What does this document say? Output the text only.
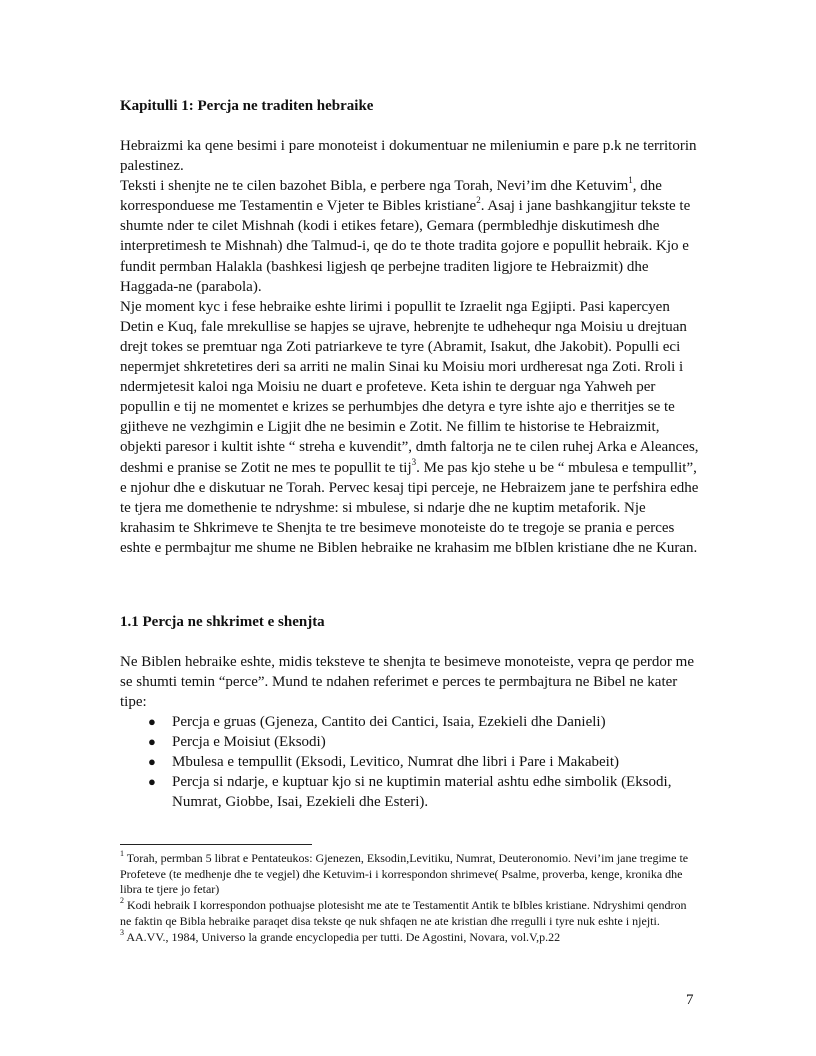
Kapitulli 1: Percja ne traditen hebraike

Hebraizmi ka qene besimi i pare monoteist i dokumentuar ne mileniumin e pare p.k ne territorin palestinez.

Teksti i shenjte ne te cilen bazohet Bibla, e perbere nga Torah, Nevi’im dhe Ketuvim$^1$, dhe korresponduese me Testamentin e Vjeter te Bibles kristiane$^2$. Asaj i jane bashkangjitur tekste te shumte nder te cilet Mishnah (kodi i etikes fetare), Gemara (permbledhje diskutimesh dhe interpretimesh te Mishnah) dhe Talmud-i, qe do te thote tradita gojore e popullit hebraik. Kjo e fundit permban Halakla (bashkesi ligjesh qe perbejne traditen ligjore te Hebraizmit) dhe Haggada-ne (parabola).

Nje moment kyc i fese hebraike eshte lirimi i popullit te Izraelit nga Egjipti. Pasi kapercyen Detin e Kuq, fale mrekullise se hapjes se ujrave, hebrenjte te udhehequr nga Moisiu u drejtuan drejt tokes se premtuar nga Zoti patriarkeve te tyre (Abramit, Isakut, dhe Jakobit). Populli eci nepermjet shkretetires deri sa arriti ne malin Sinai ku Moisiu mori urdheresat nga Zoti. Rroli i ndermjetesit kaloi nga Moisiu ne duart e profeteve. Keta ishin te derguar nga Yahweh per popullin e tij ne momentet e krizes se perhumbjes dhe detyra e tyre ishte ajo e therritjes se te gjitheve ne vezhgimin e Ligjit dhe ne besimin e Zotit. Ne fillim te historise te Hebraizmit, objekti paresor i kultit ishte “ streha e kuvendit”, dmth faltorja ne te cilen ruhej Arka e Aleances, deshmi e pranise se Zotit ne mes te popullit te tij$^3$. Me pas kjo stehe u be “ mbulesa e tempullit”, e njohur dhe e diskutuar ne Torah. Pervec kesaj tipi perceje, ne Hebraizem jane te perfshira edhe te tjera me domethenie te ndryshme: si mbulese, si ndarje dhe ne kuptim metaforik. Nje krahasim te Shkrimeve te Shenjta te tre besimeve monoteiste do te tregoje se prania e perces eshte e permbajtur me shume ne Biblen hebraike ne krahasim me bIblen kristiane dhe ne Kuran.

1.1 Percja ne shkrimet e shenjta

Ne Biblen hebraike eshte, midis teksteve te shenjta te besimeve monoteiste, vepra qe perdor me se shumti temin “perce”. Mund te ndahen referimet e perces te permbajtura ne Bibel ne kater tipe:

● Percja e gruas (Gjeneza, Cantito dei Cantici, Isaia, Ezekieli dhe Danieli)
● Percja e Moisiut (Eksodi)
● Mbulesa e tempullit (Eksodi, Levitico, Numrat dhe libri i Pare i Makabeit)
● Percja si ndarje, e kuptuar kjo si ne kuptimin material ashtu edhe simbolik (Eksodi, Numrat, Giobbe, Isai, Ezekieli dhe Esteri).

$^1$ Torah, permban 5 librat e Pentateukos: Gjenezen, Eksodin,Levitiku, Numrat, Deuteronomio. Nevi’im jane tregime te Profeteve (te medhenje dhe te vegjel) dhe Ketuvim-i i korrespondon shrimeve( Psalme, proverba, kenge, kronika dhe libra te tjere jo fetar)

$^2$ Kodi hebraik I korrespondon pothuajse plotesisht me ate te Testamentit Antik te bIbles kristiane. Ndryshimi qendron ne faktin qe Bibla hebraike paraqet disa tekste qe nuk shfaqen ne ate kristian dhe rregulli i tyre nuk eshte i njejti.

$^3$ AA.VV., 1984, Universo la grande encyclopedia per tutti. De Agostini, Novara, vol.V,p.22

7
